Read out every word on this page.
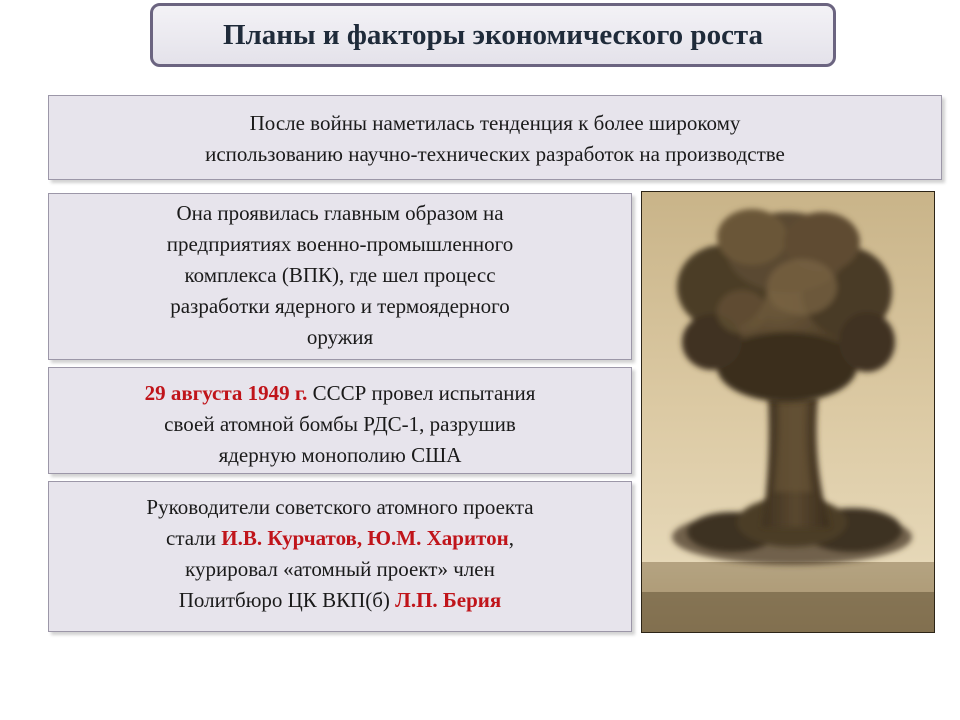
Планы и факторы экономического роста
После войны наметилась тенденция к более широкому
использованию научно-технических разработок на производстве
Она проявилась главным образом на
предприятиях военно-промышленного
комплекса (ВПК), где шел процесс
разработки ядерного и термоядерного
оружия
29 августа 1949 г. СССР провел испытания
своей атомной бомбы РДС-1, разрушив
ядерную монополию США
Руководители советского атомного проекта
стали И.В. Курчатов, Ю.М. Харитон,
курировал «атомный проект» член
Политбюро ЦК ВКП(б) Л.П. Берия
